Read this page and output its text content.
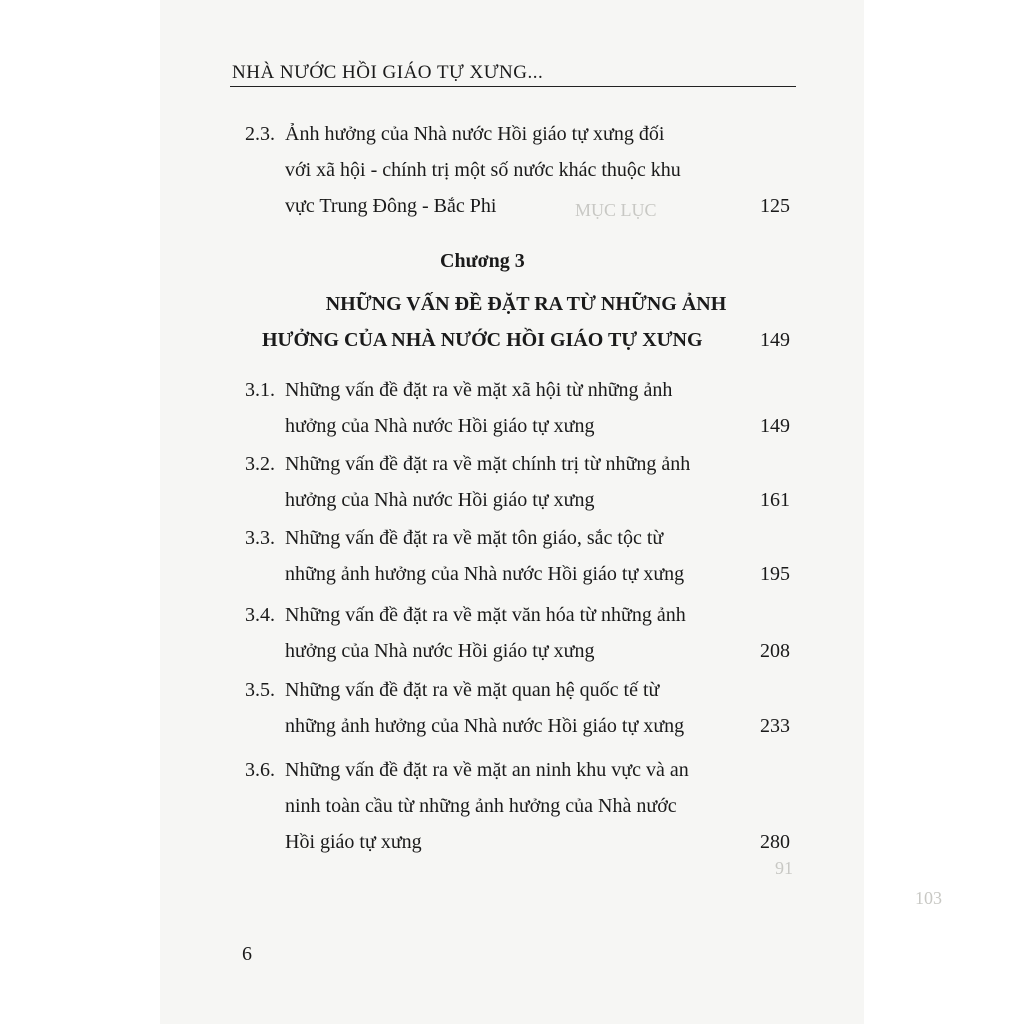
MỤC LỤC
91
103
NHÀ NƯỚC HỒI GIÁO TỰ XƯNG...
2.3. Ảnh hưởng của Nhà nước Hồi giáo tự xưng đối
với xã hội - chính trị một số nước khác thuộc khu
vực Trung Đông - Bắc Phi	125
Chương 3
NHỮNG VẤN ĐỀ ĐẶT RA TỪ NHỮNG ẢNH
HƯỞNG CỦA NHÀ NƯỚC HỒI GIÁO TỰ XƯNG	149
3.1. Những vấn đề đặt ra về mặt xã hội từ những ảnh
hưởng của Nhà nước Hồi giáo tự xưng	149
3.2. Những vấn đề đặt ra về mặt chính trị từ những ảnh
hưởng của Nhà nước Hồi giáo tự xưng	161
3.3. Những vấn đề đặt ra về mặt tôn giáo, sắc tộc từ
những ảnh hưởng của Nhà nước Hồi giáo tự xưng	195
3.4. Những vấn đề đặt ra về mặt văn hóa từ những ảnh
hưởng của Nhà nước Hồi giáo tự xưng	208
3.5. Những vấn đề đặt ra về mặt quan hệ quốc tế từ
những ảnh hưởng của Nhà nước Hồi giáo tự xưng	233
3.6. Những vấn đề đặt ra về mặt an ninh khu vực và an
ninh toàn cầu từ những ảnh hưởng của Nhà nước
Hồi giáo tự xưng	280
6
